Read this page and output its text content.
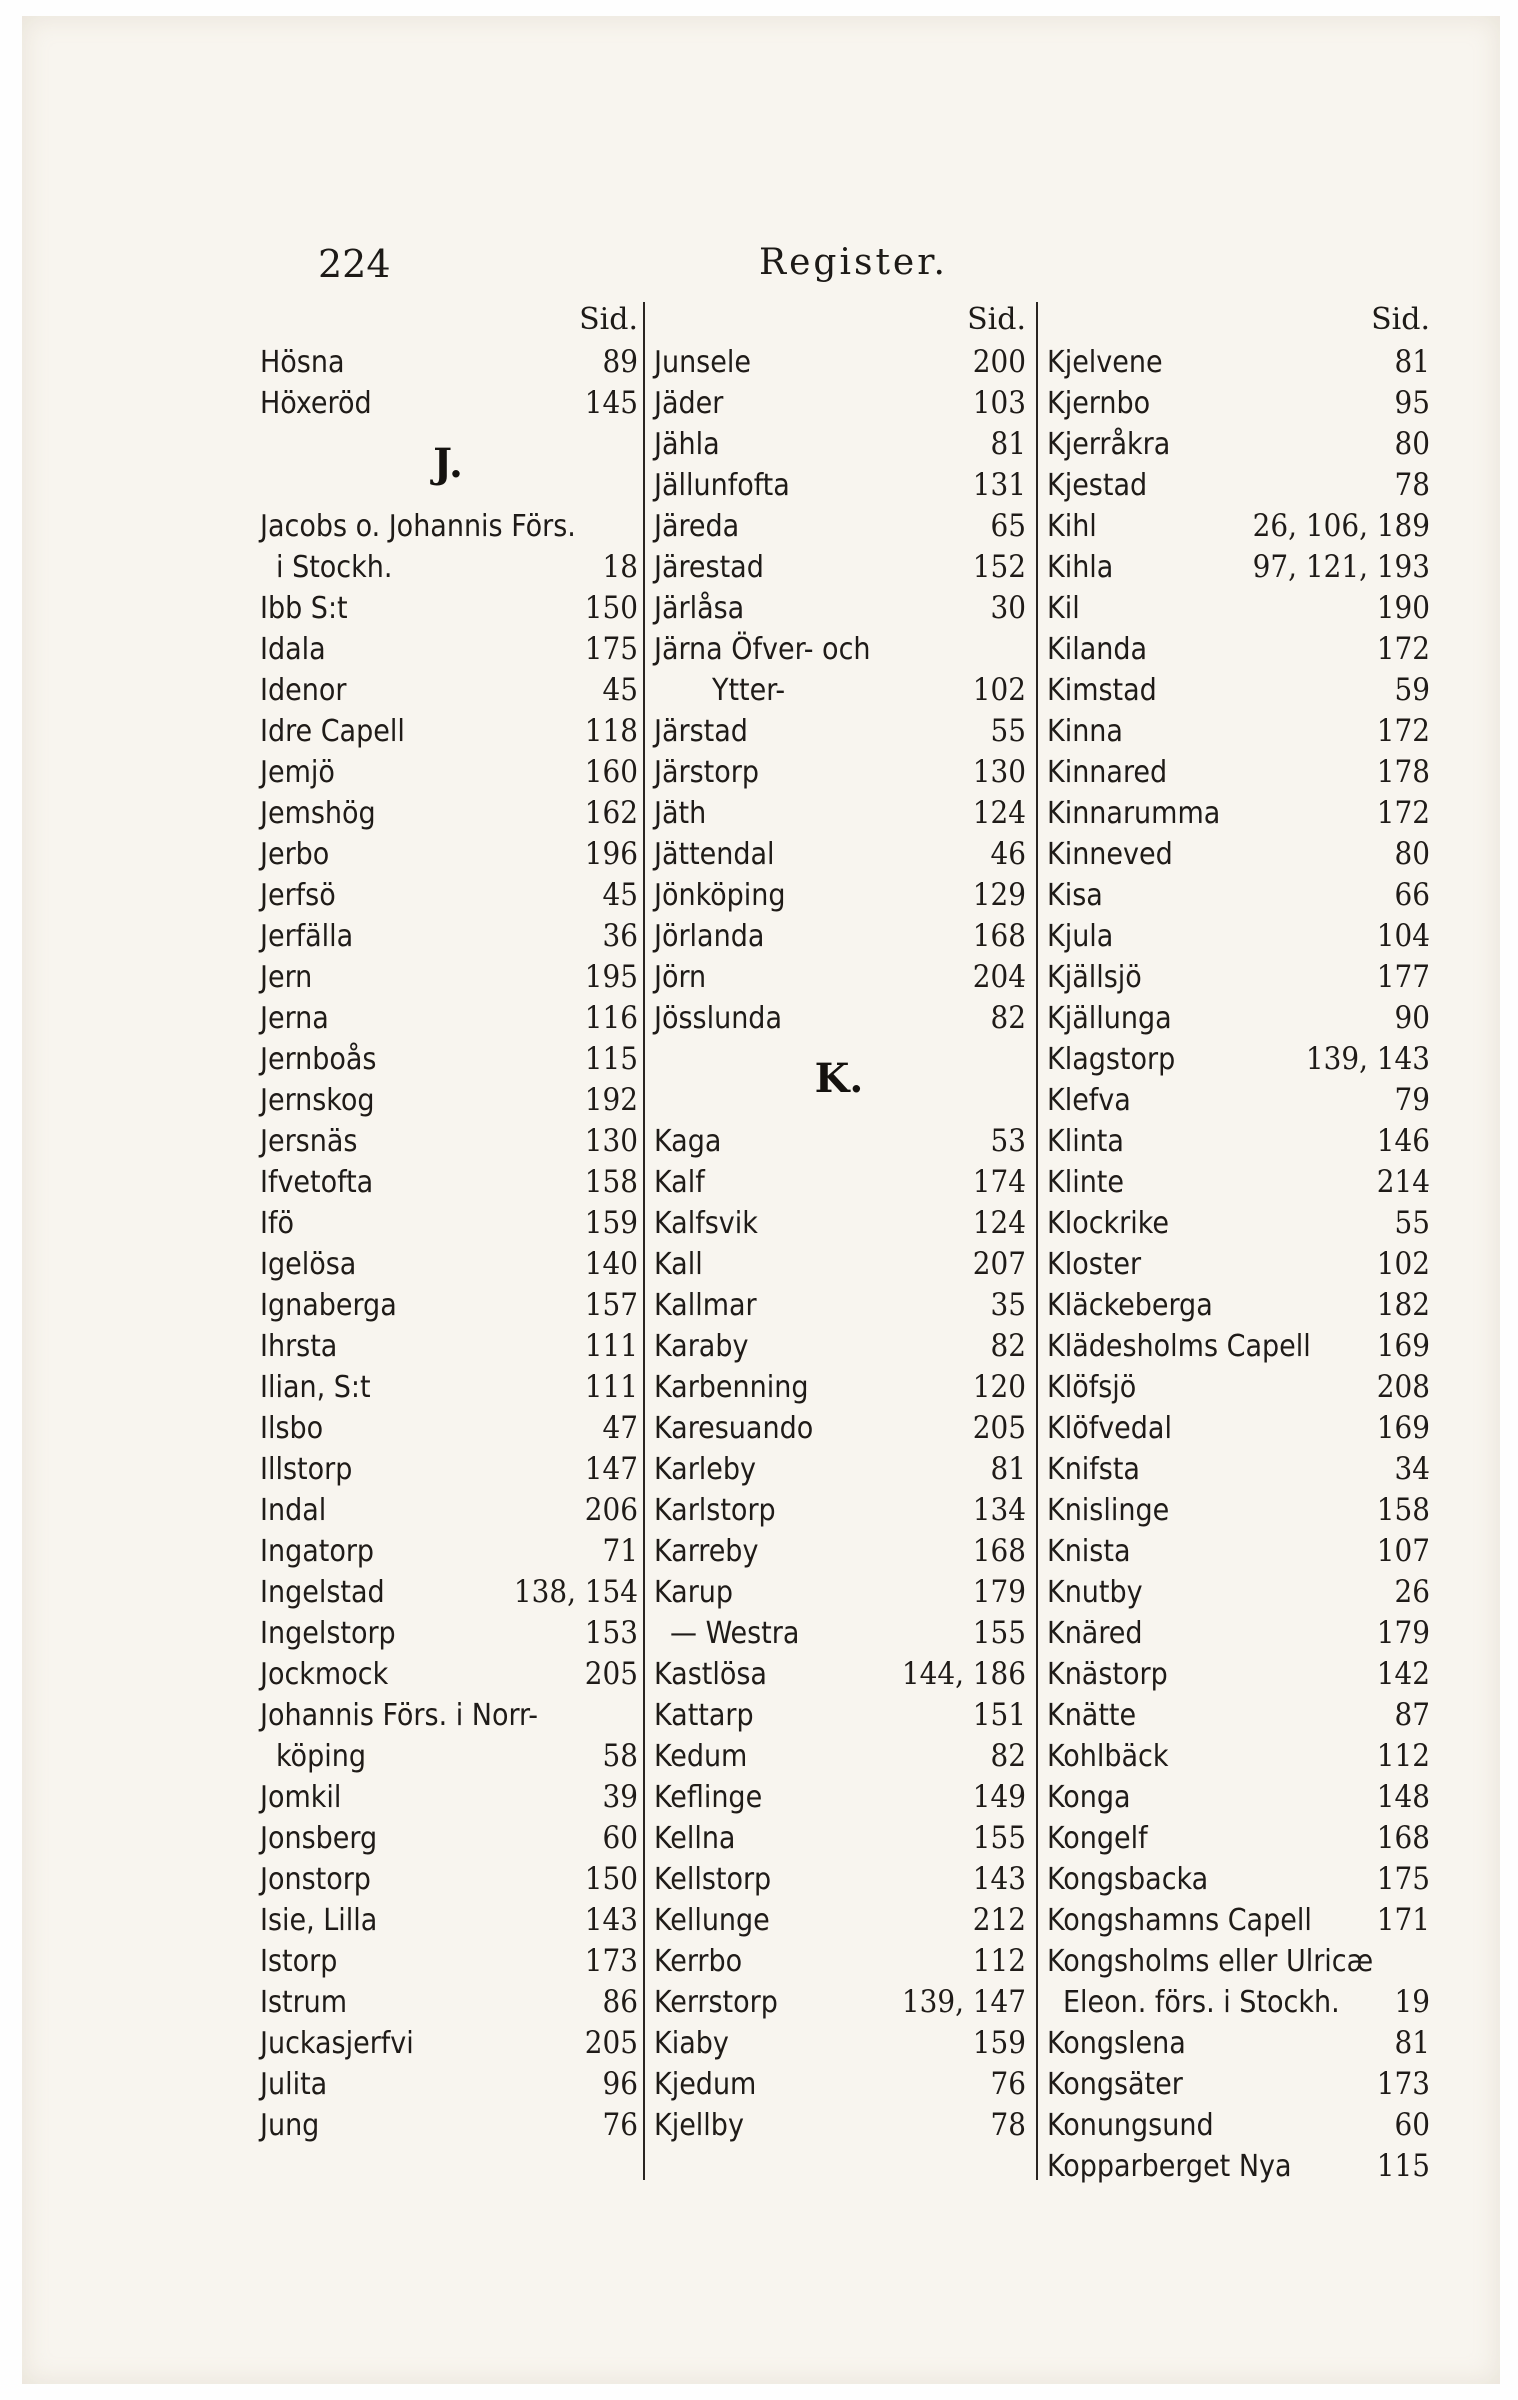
224	Register.
Sid.
Hösna	89
Höxeröd	145
J.
Jacobs o. Johannis Förs.
i Stockh.	18
Ibb S:t	150
Idala	175
Idenor	45
Idre Capell	118
Jemjö	160
Jemshög	162
Jerbo	196
Jerfsö	45
Jerfälla	36
Jern	195
Jerna	116
Jernboås	115
Jernskog	192
Jersnäs	130
Ifvetofta	158
Ifö	159
Igelösa	140
Ignaberga	157
Ihrsta	111
Ilian, S:t	111
Ilsbo	47
Illstorp	147
Indal	206
Ingatorp	71
Ingelstad	138, 154
Ingelstorp	153
Jockmock	205
Johannis Förs. i Norr-
köping	58
Jomkil	39
Jonsberg	60
Jonstorp	150
Isie, Lilla	143
Istorp	173
Istrum	86
Juckasjerfvi	205
Julita	96
Jung	76
Sid.
Junsele	200
Jäder	103
Jähla	81
Jällunfofta	131
Järeda	65
Järestad	152
Järlåsa	30
Järna Öfver- och
Ytter-	102
Järstad	55
Järstorp	130
Jäth	124
Jättendal	46
Jönköping	129
Jörlanda	168
Jörn	204
Jösslunda	82
K.
Kaga	53
Kalf	174
Kalfsvik	124
Kall	207
Kallmar	35
Karaby	82
Karbenning	120
Karesuando	205
Karleby	81
Karlstorp	134
Karreby	168
Karup	179
— Westra	155
Kastlösa	144, 186
Kattarp	151
Kedum	82
Keflinge	149
Kellna	155
Kellstorp	143
Kellunge	212
Kerrbo	112
Kerrstorp	139, 147
Kiaby	159
Kjedum	76
Kjellby	78
Sid.
Kjelvene	81
Kjernbo	95
Kjerråkra	80
Kjestad	78
Kihl	26, 106, 189
Kihla	97, 121, 193
Kil	190
Kilanda	172
Kimstad	59
Kinna	172
Kinnared	178
Kinnarumma	172
Kinneved	80
Kisa	66
Kjula	104
Kjällsjö	177
Kjällunga	90
Klagstorp	139, 143
Klefva	79
Klinta	146
Klinte	214
Klockrike	55
Kloster	102
Kläckeberga	182
Klädesholms Capell 169
Klöfsjö	208
Klöfvedal	169
Knifsta	34
Knislinge	158
Knista	107
Knutby	26
Knäred	179
Knästorp	142
Knätte	87
Kohlbäck	112
Konga	148
Kongelf	168
Kongsbacka	175
Kongshamns Capell 171
Kongsholms eller Ulricæ
Eleon. förs. i Stockh. 19
Kongslena	81
Kongsäter	173
Konungsund	60
Kopparberget Nya	115
